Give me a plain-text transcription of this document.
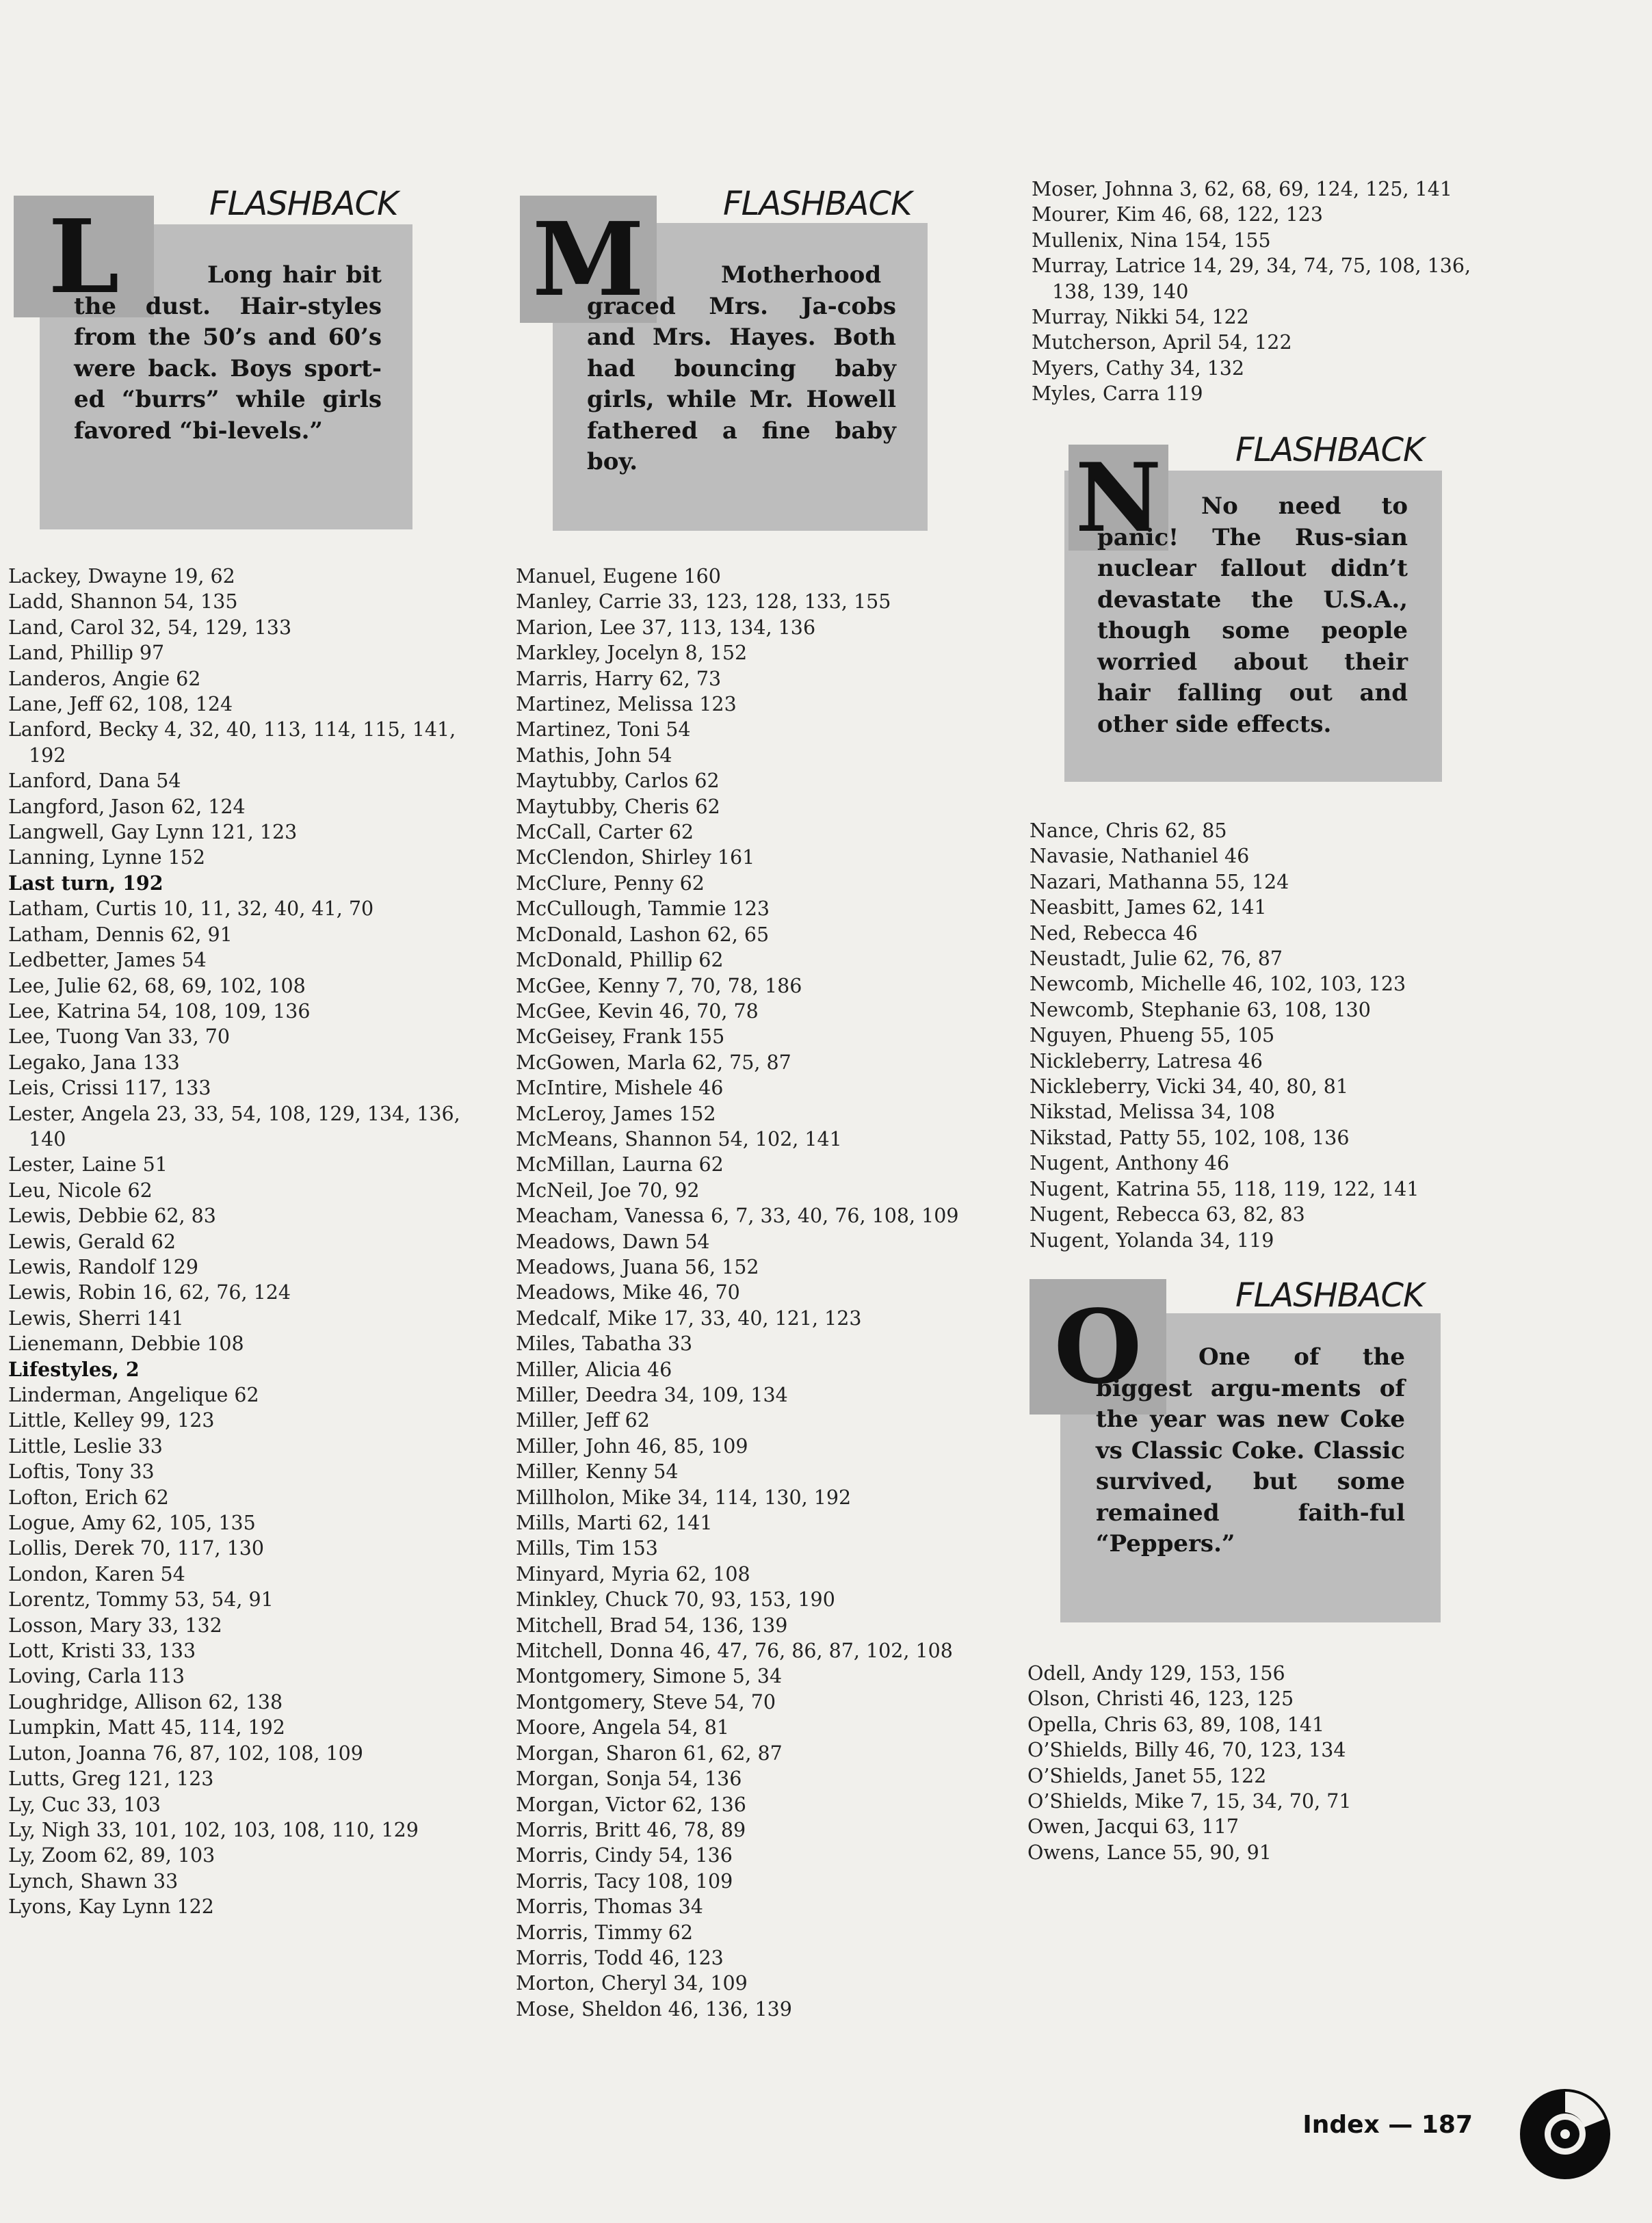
L	FLASHBACK
Long hair bit the dust. Hair-styles from the 50’s and 60’s were back. Boys sport-ed “burrs” while girls favored “bi-levels.”
M FLASHBACK
Motherhood graced Mrs. Ja-cobs and Mrs. Hayes. Both had bouncing baby girls, while Mr. Howell fathered a fine baby boy.	N FLASHBACK
No need to panic! The Rus-sian nuclear fallout didn’t devastate the U.S.A., though some people worried about their hair falling out and other side effects.
O	FLASHBACK
One of the biggest argu-ments of the year was new Coke vs Classic Coke. Classic survived, but some remained faith-ful “Peppers.”
Lackey, Dwayne 19, 62
Ladd, Shannon 54, 135
Land, Carol 32, 54, 129, 133
Land, Phillip 97
Landeros, Angie 62
Lane, Jeff 62, 108, 124
Lanford, Becky 4, 32, 40, 113, 114, 115, 141,
192
Lanford, Dana 54
Langford, Jason 62, 124
Langwell, Gay Lynn 121, 123
Lanning, Lynne 152
Last turn, 192
Latham, Curtis 10, 11, 32, 40, 41, 70
Latham, Dennis 62, 91
Ledbetter, James 54
Lee, Julie 62, 68, 69, 102, 108
Lee, Katrina 54, 108, 109, 136
Lee, Tuong Van 33, 70
Legako, Jana 133
Leis, Crissi 117, 133
Lester, Angela 23, 33, 54, 108, 129, 134, 136,
140
Lester, Laine 51
Leu, Nicole 62
Lewis, Debbie 62, 83
Lewis, Gerald 62
Lewis, Randolf 129
Lewis, Robin 16, 62, 76, 124
Lewis, Sherri 141
Lienemann, Debbie 108
Lifestyles, 2
Linderman, Angelique 62
Little, Kelley 99, 123
Little, Leslie 33
Loftis, Tony 33
Lofton, Erich 62
Logue, Amy 62, 105, 135
Lollis, Derek 70, 117, 130
London, Karen 54
Lorentz, Tommy 53, 54, 91
Losson, Mary 33, 132
Lott, Kristi 33, 133
Loving, Carla 113
Loughridge, Allison 62, 138
Lumpkin, Matt 45, 114, 192
Luton, Joanna 76, 87, 102, 108, 109
Lutts, Greg 121, 123
Ly, Cuc 33, 103
Ly, Nigh 33, 101, 102, 103, 108, 110, 129
Ly, Zoom 62, 89, 103
Lynch, Shawn 33
Lyons, Kay Lynn 122
Manuel, Eugene 160
Manley, Carrie 33, 123, 128, 133, 155
Marion, Lee 37, 113, 134, 136
Markley, Jocelyn 8, 152
Marris, Harry 62, 73
Martinez, Melissa 123
Martinez, Toni 54
Mathis, John 54
Maytubby, Carlos 62
Maytubby, Cheris 62
McCall, Carter 62
McClendon, Shirley 161
McClure, Penny 62
McCullough, Tammie 123
McDonald, Lashon 62, 65
McDonald, Phillip 62
McGee, Kenny 7, 70, 78, 186
McGee, Kevin 46, 70, 78
McGeisey, Frank 155
McGowen, Marla 62, 75, 87
McIntire, Mishele 46
McLeroy, James 152
McMeans, Shannon 54, 102, 141
McMillan, Laurna 62
McNeil, Joe 70, 92
Meacham, Vanessa 6, 7, 33, 40, 76, 108, 109
Meadows, Dawn 54
Meadows, Juana 56, 152
Meadows, Mike 46, 70
Medcalf, Mike 17, 33, 40, 121, 123
Miles, Tabatha 33
Miller, Alicia 46
Miller, Deedra 34, 109, 134
Miller, Jeff 62
Miller, John 46, 85, 109
Miller, Kenny 54
Millholon, Mike 34, 114, 130, 192
Mills, Marti 62, 141
Mills, Tim 153
Minyard, Myria 62, 108
Minkley, Chuck 70, 93, 153, 190
Mitchell, Brad 54, 136, 139
Mitchell, Donna 46, 47, 76, 86, 87, 102, 108
Montgomery, Simone 5, 34
Montgomery, Steve 54, 70
Moore, Angela 54, 81
Morgan, Sharon 61, 62, 87
Morgan, Sonja 54, 136
Morgan, Victor 62, 136
Morris, Britt 46, 78, 89
Morris, Cindy 54, 136
Morris, Tacy 108, 109
Morris, Thomas 34
Morris, Timmy 62
Morris, Todd 46, 123
Morton, Cheryl 34, 109
Mose, Sheldon 46, 136, 139
Moser, Johnna 3, 62, 68, 69, 124, 125, 141
Mourer, Kim 46, 68, 122, 123
Mullenix, Nina 154, 155
Murray, Latrice 14, 29, 34, 74, 75, 108, 136,
138, 139, 140
Murray, Nikki 54, 122
Mutcherson, April 54, 122
Myers, Cathy 34, 132
Myles, Carra 119
Nance, Chris 62, 85
Navasie, Nathaniel 46
Nazari, Mathanna 55, 124
Neasbitt, James 62, 141
Ned, Rebecca 46
Neustadt, Julie 62, 76, 87
Newcomb, Michelle 46, 102, 103, 123
Newcomb, Stephanie 63, 108, 130
Nguyen, Phueng 55, 105
Nickleberry, Latresa 46
Nickleberry, Vicki 34, 40, 80, 81
Nikstad, Melissa 34, 108
Nikstad, Patty 55, 102, 108, 136
Nugent, Anthony 46
Nugent, Katrina 55, 118, 119, 122, 141
Nugent, Rebecca 63, 82, 83
Nugent, Yolanda 34, 119
Odell, Andy 129, 153, 156
Olson, Christi 46, 123, 125
Opella, Chris 63, 89, 108, 141
O’Shields, Billy 46, 70, 123, 134
O’Shields, Janet 55, 122
O’Shields, Mike 7, 15, 34, 70, 71
Owen, Jacqui 63, 117
Owens, Lance 55, 90, 91
Index — 187
